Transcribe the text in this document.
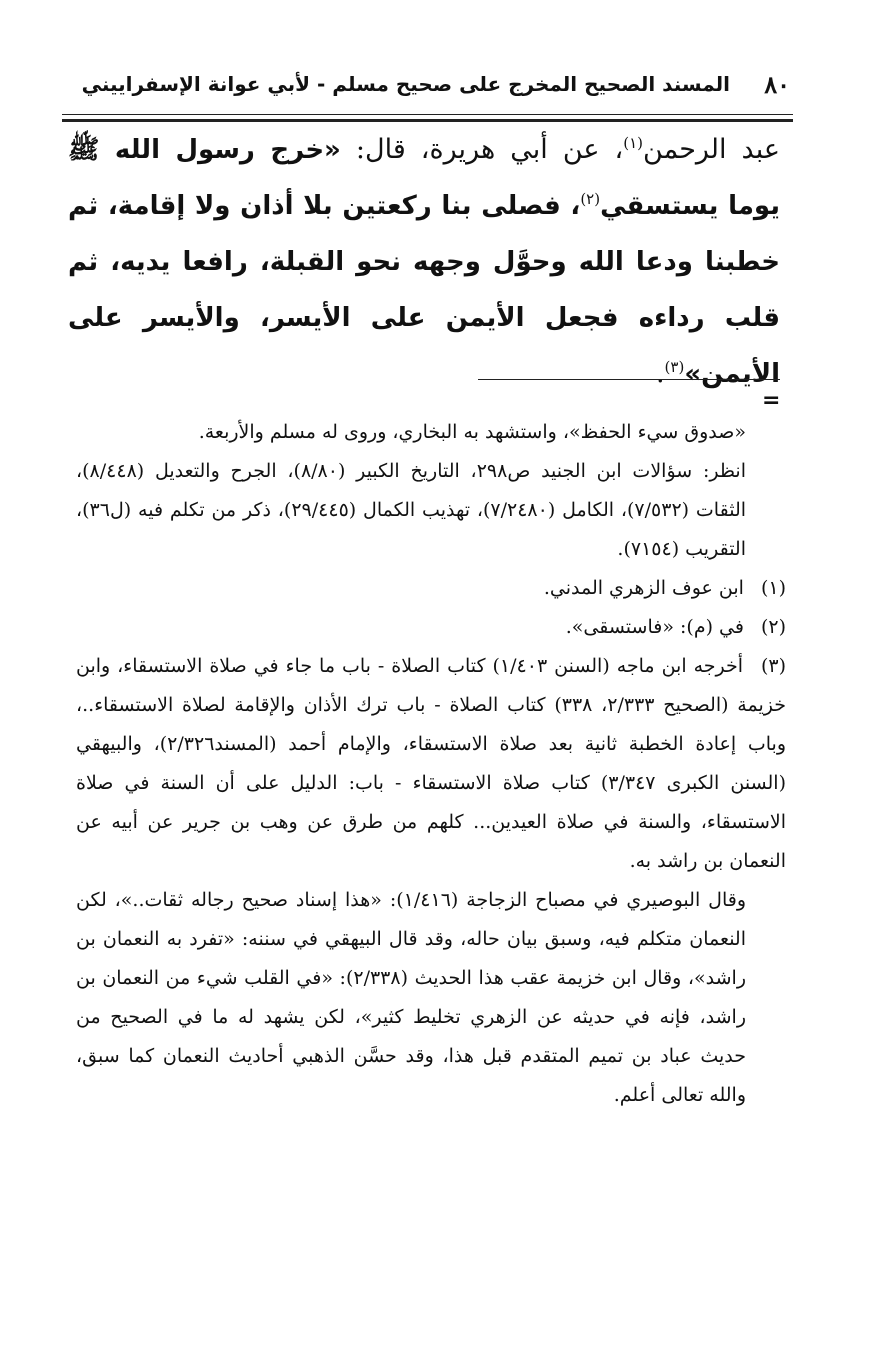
٨٠
المسند الصحيح المخرج على صحيح مسلم - لأبي عوانة الإسفراييني
عبد الرحمن$^{(١)}$، عن أبي هريرة، قال: «خرج رسول الله ﷺ يوما يستسقي$^{(٢)}$، فصلى بنا ركعتين بلا أذان ولا إقامة، ثم خطبنا ودعا الله وحوَّل وجهه نحو القبلة، رافعا يديه، ثم قلب رداءه فجعل الأيمن على الأيسر، والأيسر على الأيمن»$^{(٣)}$.
=

«صدوق سيء الحفظ»، واستشهد به البخاري، وروى له مسلم والأربعة.

انظر: سؤالات ابن الجنيد ص٢٩٨، التاريخ الكبير (٨/٨٠)، الجرح والتعديل (٨/٤٤٨)، الثقات (٧/٥٣٢)، الكامل (٧/٢٤٨٠)، تهذيب الكمال (٢٩/٤٤٥)، ذكر من تكلم فيه (ل٣٦)، التقريب (٧١٥٤).

(١) ابن عوف الزهري المدني.

(٢) في (م): «فاستسقى».

(٣) أخرجه ابن ماجه (السنن ١/٤٠٣) كتاب الصلاة - باب ما جاء في صلاة الاستسقاء، وابن خزيمة (الصحيح ٢/٣٣٣، ٣٣٨) كتاب الصلاة - باب ترك الأذان والإقامة لصلاة الاستسقاء..، وباب إعادة الخطبة ثانية بعد صلاة الاستسقاء، والإمام أحمد (المسند٢/٣٢٦)، والبيهقي (السنن الكبرى ٣/٣٤٧) كتاب صلاة الاستسقاء - باب: الدليل على أن السنة في صلاة الاستسقاء، والسنة في صلاة العيدين... كلهم من طرق عن وهب بن جرير عن أبيه عن النعمان بن راشد به.

وقال البوصيري في مصباح الزجاجة (١/٤١٦): «هذا إسناد صحيح رجاله ثقات..»، لكن النعمان متكلم فيه، وسبق بيان حاله، وقد قال البيهقي في سننه: «تفرد به النعمان بن راشد»، وقال ابن خزيمة عقب هذا الحديث (٢/٣٣٨): «في القلب شيء من النعمان بن راشد، فإنه في حديثه عن الزهري تخليط كثير»، لكن يشهد له ما في الصحيح من حديث عباد بن تميم المتقدم قبل هذا، وقد حسَّن الذهبي أحاديث النعمان كما سبق، والله تعالى أعلم.
